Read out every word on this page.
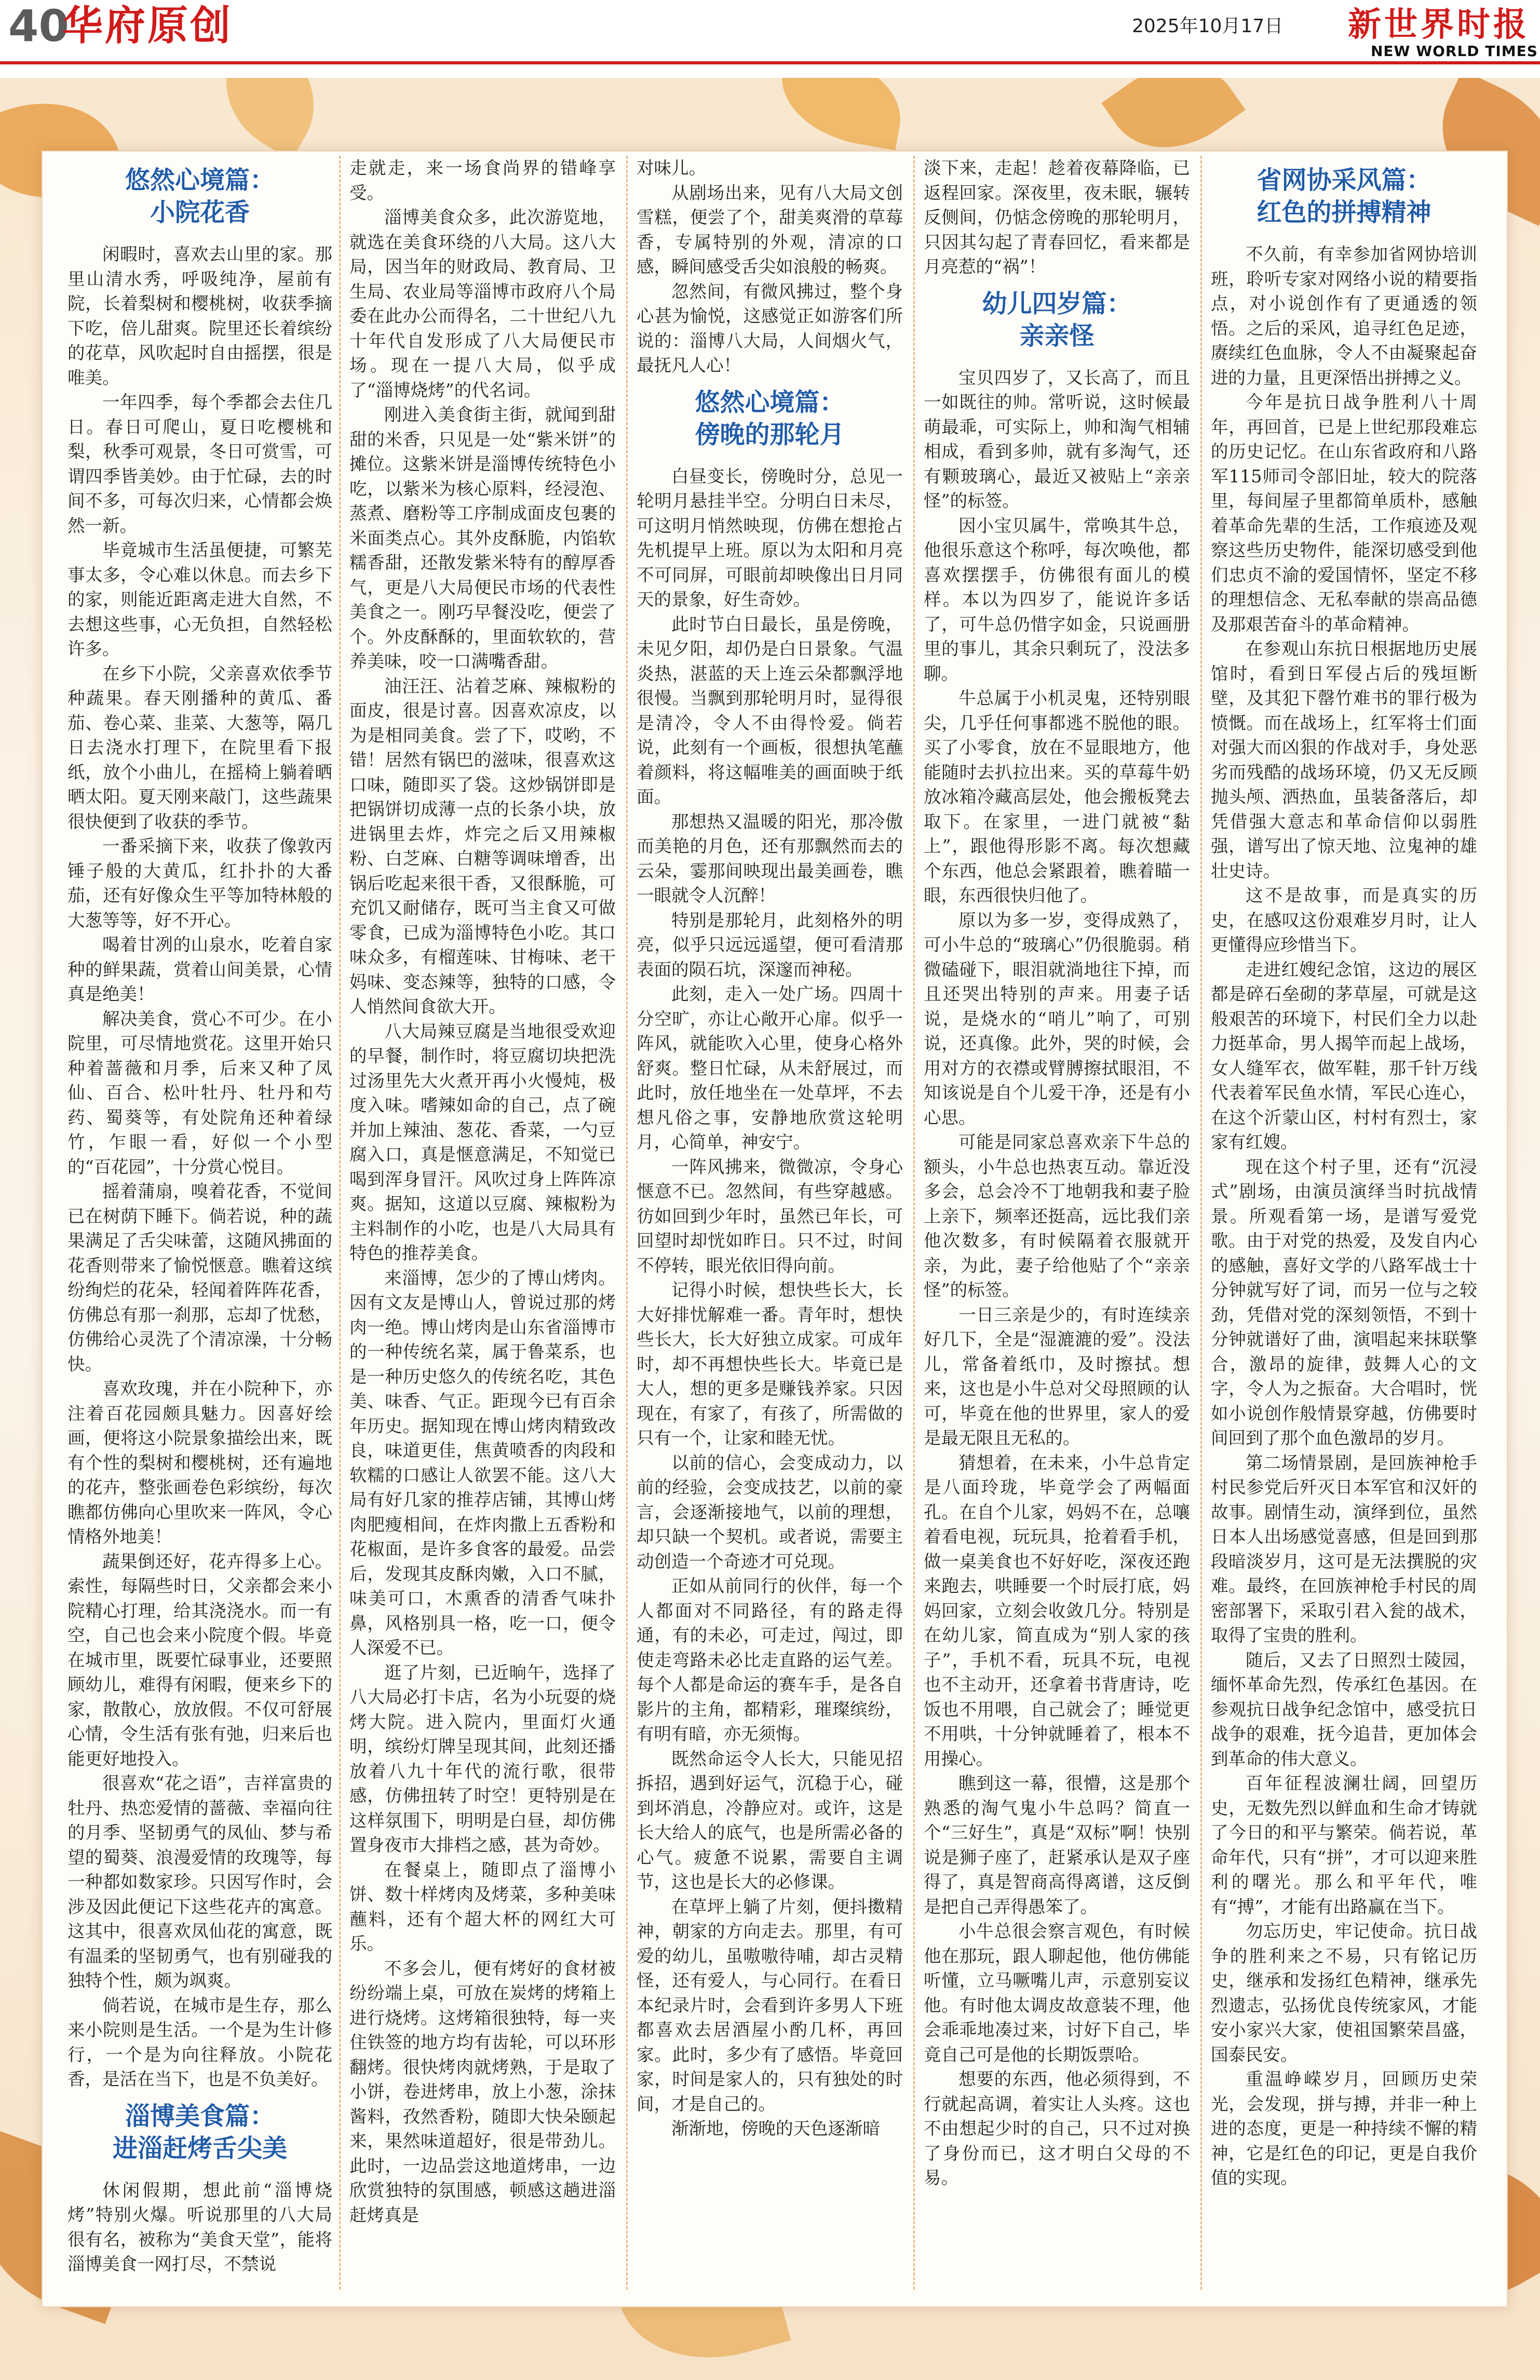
40
华府原创	2025年10月17日 新世界时报
NEW WORLD TIMES
悠然心境篇：
小院花香

闲暇时，喜欢去山里的家。那里山清水秀，呼吸纯净，屋前有院，长着梨树和樱桃树，收获季摘下吃，倍儿甜爽。院里还长着缤纷的花草，风吹起时自由摇摆，很是唯美。

一年四季，每个季都会去住几日。春日可爬山，夏日吃樱桃和梨，秋季可观景，冬日可赏雪，可谓四季皆美妙。由于忙碌，去的时间不多，可每次归来，心情都会焕然一新。

毕竟城市生活虽便捷，可繁芜事太多，令心难以休息。而去乡下的家，则能近距离走进大自然，不去想这些事，心无负担，自然轻松许多。

在乡下小院，父亲喜欢依季节种蔬果。春天刚播种的黄瓜、番茄、卷心菜、韭菜、大葱等，隔几日去浇水打理下，在院里看下报纸，放个小曲儿，在摇椅上躺着晒晒太阳。夏天刚来敲门，这些蔬果很快便到了收获的季节。

一番采摘下来，收获了像敦丙锤子般的大黄瓜，红扑扑的大番茄，还有好像众生平等加特林般的大葱等等，好不开心。

喝着甘冽的山泉水，吃着自家种的鲜果蔬，赏着山间美景，心情真是绝美！

解决美食，赏心不可少。在小院里，可尽情地赏花。这里开始只种着蔷薇和月季，后来又种了凤仙、百合、松叶牡丹、牡丹和芍药、蜀葵等，有处院角还种着绿竹，乍眼一看，好似一个小型的“百花园”，十分赏心悦目。

摇着蒲扇，嗅着花香，不觉间已在树荫下睡下。倘若说，种的蔬果满足了舌尖味蕾，这随风拂面的花香则带来了愉悦惬意。瞧着这缤纷绚烂的花朵，轻闻着阵阵花香，仿佛总有那一刹那，忘却了忧愁，仿佛给心灵洗了个清凉澡，十分畅快。

喜欢玫瑰，并在小院种下，亦注着百花园颇具魅力。因喜好绘画，便将这小院景象描绘出来，既有个性的梨树和樱桃树，还有遍地的花卉，整张画卷色彩缤纷，每次瞧都仿佛向心里吹来一阵风，令心情格外地美！

蔬果倒还好，花卉得多上心。索性，每隔些时日，父亲都会来小院精心打理，给其浇浇水。而一有空，自己也会来小院度个假。毕竟在城市里，既要忙碌事业，还要照顾幼儿，难得有闲暇，便来乡下的家，散散心，放放假。不仅可舒展心情，令生活有张有弛，归来后也能更好地投入。

很喜欢“花之语”，吉祥富贵的牡丹、热恋爱情的蔷薇、幸福向往的月季、坚韧勇气的凤仙、梦与希望的蜀葵、浪漫爱情的玫瑰等，每一种都如数家珍。只因写作时，会涉及因此便记下这些花卉的寓意。这其中，很喜欢凤仙花的寓意，既有温柔的坚韧勇气，也有别碰我的独特个性，颇为飒爽。

倘若说，在城市是生存，那么来小院则是生活。一个是为生计修行，一个是为向往释放。小院花香，是活在当下，也是不负美好。

淄博美食篇：
进淄赶烤舌尖美

休闲假期，想此前“淄博烧烤”特别火爆。听说那里的八大局很有名，被称为“美食天堂”，能将淄博美食一网打尽，不禁说

走就走，来一场食尚界的错峰享受。

淄博美食众多，此次游览地，就选在美食环绕的八大局。这八大局，因当年的财政局、教育局、卫生局、农业局等淄博市政府八个局委在此办公而得名，二十世纪八九十年代自发形成了八大局便民市场。现在一提八大局，似乎成了“淄博烧烤”的代名词。

刚进入美食街主街，就闻到甜甜的米香，只见是一处“紫米饼”的摊位。这紫米饼是淄博传统特色小吃，以紫米为核心原料，经浸泡、蒸煮、磨粉等工序制成面皮包裹的米面类点心。其外皮酥脆，内馅软糯香甜，还散发紫米特有的醇厚香气，更是八大局便民市场的代表性美食之一。刚巧早餐没吃，便尝了个。外皮酥酥的，里面软软的，营养美味，咬一口满嘴香甜。

油汪汪、沾着芝麻、辣椒粉的面皮，很是讨喜。因喜欢凉皮，以为是相同美食。尝了下，哎哟，不错！居然有锅巴的滋味，很喜欢这口味，随即买了袋。这炒锅饼即是把锅饼切成薄一点的长条小块，放进锅里去炸，炸完之后又用辣椒粉、白芝麻、白糖等调味增香，出锅后吃起来很干香，又很酥脆，可充饥又耐储存，既可当主食又可做零食，已成为淄博特色小吃。其口味众多，有榴莲味、甘梅味、老干妈味、变态辣等，独特的口感，令人悄然间食欲大开。

八大局辣豆腐是当地很受欢迎的早餐，制作时，将豆腐切块把洗过汤里先大火煮开再小火慢炖，极度入味。嗜辣如命的自己，点了碗并加上辣油、葱花、香菜，一勺豆腐入口，真是惬意满足，不知觉已喝到浑身冒汗。风吹过身上阵阵凉爽。据知，这道以豆腐、辣椒粉为主料制作的小吃，也是八大局具有特色的推荐美食。

来淄博，怎少的了博山烤肉。因有文友是博山人，曾说过那的烤肉一绝。博山烤肉是山东省淄博市的一种传统名菜，属于鲁菜系，也是一种历史悠久的传统名吃，其色美、味香、气正。距现今已有百余年历史。据知现在博山烤肉精致改良，味道更佳，焦黄喷香的肉段和软糯的口感让人欲罢不能。这八大局有好几家的推荐店铺，其博山烤肉肥瘦相间，在炸肉撒上五香粉和花椒面，是许多食客的最爱。品尝后，发现其皮酥肉嫩，入口不腻，味美可口，木熏香的清香气味扑鼻，风格别具一格，吃一口，便令人深爱不已。

逛了片刻，已近晌午，选择了八大局必打卡店，名为小玩耍的烧烤大院。进入院内，里面灯火通明，缤纷灯牌呈现其间，此刻还播放着八九十年代的流行歌，很带感，仿佛扭转了时空！更特别是在这样氛围下，明明是白昼，却仿佛置身夜市大排档之感，甚为奇妙。

在餐桌上，随即点了淄博小饼、数十样烤肉及烤菜，多种美味蘸料，还有个超大杯的网红大可乐。

不多会儿，便有烤好的食材被纷纷端上桌，可放在炭烤的烤箱上进行烧烤。这烤箱很独特，每一夹住铁签的地方均有齿轮，可以环形翻烤。很快烤肉就烤熟，于是取了小饼，卷进烤串，放上小葱，涂抹酱料，孜然香粉，随即大快朵颐起来，果然味道超好，很是带劲儿。此时，一边品尝这地道烤串，一边欣赏独特的氛围感，顿感这趟进淄赶烤真是

对味儿。

从剧场出来，见有八大局文创雪糕，便尝了个，甜美爽滑的草莓香，专属特别的外观，清凉的口感，瞬间感受舌尖如浪般的畅爽。

忽然间，有微风拂过，整个身心甚为愉悦，这感觉正如游客们所说的：淄博八大局，人间烟火气，最抚凡人心！

悠然心境篇：
傍晚的那轮月

白昼变长，傍晚时分，总见一轮明月悬挂半空。分明白日未尽，可这明月悄然映现，仿佛在想抢占先机提早上班。原以为太阳和月亮不可同屏，可眼前却映像出日月同天的景象，好生奇妙。

此时节白日最长，虽是傍晚，未见夕阳，却仍是白日景象。气温炎热，湛蓝的天上连云朵都飘浮地很慢。当飘到那轮明月时，显得很是清冷，令人不由得怜爱。倘若说，此刻有一个画板，很想执笔蘸着颜料，将这幅唯美的画面映于纸面。

那想热又温暖的阳光，那冷傲而美艳的月色，还有那飘然而去的云朵，霎那间映现出最美画卷，瞧一眼就令人沉醉！

特别是那轮月，此刻格外的明亮，似乎只远远遥望，便可看清那表面的陨石坑，深邃而神秘。

此刻，走入一处广场。四周十分空旷，亦让心敞开心扉。似乎一阵风，就能吹入心里，使身心格外舒爽。整日忙碌，从未舒展过，而此时，放任地坐在一处草坪，不去想凡俗之事，安静地欣赏这轮明月，心简单，神安宁。

一阵风拂来，微微凉，令身心惬意不已。忽然间，有些穿越感。彷如回到少年时，虽然已年长，可回望时却恍如昨日。只不过，时间不停转，眼光依旧得向前。

记得小时候，想快些长大，长大好排忧解难一番。青年时，想快些长大，长大好独立成家。可成年时，却不再想快些长大。毕竟已是大人，想的更多是赚钱养家。只因现在，有家了，有孩了，所需做的只有一个，让家和睦无忧。

以前的信心，会变成动力，以前的经验，会变成技艺，以前的豪言，会逐渐接地气，以前的理想，却只缺一个契机。或者说，需要主动创造一个奇迹才可兑现。

正如从前同行的伙伴，每一个人都面对不同路径，有的路走得通，有的未必，可走过，闯过，即使走弯路未必比走直路的运气差。每个人都是命运的赛车手，是各自影片的主角，都精彩，璀璨缤纷，有明有暗，亦无须悔。

既然命运令人长大，只能见招拆招，遇到好运气，沉稳于心，碰到坏消息，冷静应对。或许，这是长大给人的底气，也是所需必备的心气。疲惫不说累，需要自主调节，这也是长大的必修课。

在草坪上躺了片刻，便抖擞精神，朝家的方向走去。那里，有可爱的幼儿，虽嗷嗷待哺，却古灵精怪，还有爱人，与心同行。在看日本纪录片时，会看到许多男人下班都喜欢去居酒屋小酌几杯，再回家。此时，多少有了感悟。毕竟回家，时间是家人的，只有独处的时间，才是自己的。

渐渐地，傍晚的天色逐渐暗

淡下来，走起！趁着夜幕降临，已返程回家。深夜里，夜未眠，辗转反侧间，仍惦念傍晚的那轮明月，只因其勾起了青春回忆，看来都是月亮惹的“祸”！

幼儿四岁篇：
亲亲怪

宝贝四岁了，又长高了，而且一如既往的帅。常听说，这时候最萌最乖，可实际上，帅和淘气相辅相成，看到多帅，就有多淘气，还有颗玻璃心，最近又被贴上“亲亲怪”的标签。

因小宝贝属牛，常唤其牛总，他很乐意这个称呼，每次唤他，都喜欢摆摆手，仿佛很有面儿的模样。本以为四岁了，能说许多话了，可牛总仍惜字如金，只说画册里的事儿，其余只剩玩了，没法多聊。

牛总属于小机灵鬼，还特别眼尖，几乎任何事都逃不脱他的眼。买了小零食，放在不显眼地方，他能随时去扒拉出来。买的草莓牛奶放冰箱冷藏高层处，他会搬板凳去取下。在家里，一进门就被“黏上”，跟他得形影不离。每次想藏个东西，他总会紧跟着，瞧着瞄一眼，东西很快归他了。

原以为多一岁，变得成熟了，可小牛总的“玻璃心”仍很脆弱。稍微磕碰下，眼泪就淌地往下掉，而且还哭出特别的声来。用妻子话说，是烧水的“哨儿”响了，可别说，还真像。此外，哭的时候，会用对方的衣襟或臂膊擦拭眼泪，不知该说是自个儿爱干净，还是有小心思。

可能是同家总喜欢亲下牛总的额头，小牛总也热衷互动。靠近没多会，总会冷不丁地朝我和妻子脸上亲下，频率还挺高，远比我们亲他次数多，有时候隔着衣服就开亲，为此，妻子给他贴了个“亲亲怪”的标签。

一日三亲是少的，有时连续亲好几下，全是“湿漉漉的爱”。没法儿，常备着纸巾，及时擦拭。想来，这也是小牛总对父母照顾的认可，毕竟在他的世界里，家人的爱是最无限且无私的。

猜想着，在未来，小牛总肯定是八面玲珑，毕竟学会了两幅面孔。在自个儿家，妈妈不在，总嚷着看电视，玩玩具，抢着看手机，做一桌美食也不好好吃，深夜还跑来跑去，哄睡要一个时辰打底，妈妈回家，立刻会收敛几分。特别是在幼儿家，简直成为“别人家的孩子”，手机不看，玩具不玩，电视也不主动开，还拿着书背唐诗，吃饭也不用喂，自己就会了；睡觉更不用哄，十分钟就睡着了，根本不用操心。

瞧到这一幕，很懵，这是那个熟悉的淘气鬼小牛总吗？简直一个“三好生”，真是“双标”啊！快别说是狮子座了，赶紧承认是双子座得了，真是智商高得离谱，这反倒是把自己弄得愚笨了。

小牛总很会察言观色，有时候他在那玩，跟人聊起他，他仿佛能听懂，立马噘嘴儿声，示意别妄议他。有时他太调皮故意装不理，他会乖乖地凑过来，讨好下自己，毕竟自己可是他的长期饭票哈。

想要的东西，他必须得到，不行就起高调，着实让人头疼。这也不由想起少时的自己，只不过对换了身份而已，这才明白父母的不易。

省网协采风篇：
红色的拼搏精神

不久前，有幸参加省网协培训班，聆听专家对网络小说的精要指点，对小说创作有了更通透的领悟。之后的采风，追寻红色足迹，赓续红色血脉，令人不由凝聚起奋进的力量，且更深悟出拼搏之义。

今年是抗日战争胜利八十周年，再回首，已是上世纪那段难忘的历史记忆。在山东省政府和八路军115师司令部旧址，较大的院落里，每间屋子里都简单质朴，感触着革命先辈的生活，工作痕迹及观察这些历史物件，能深切感受到他们忠贞不渝的爱国情怀，坚定不移的理想信念、无私奉献的崇高品德及那艰苦奋斗的革命精神。

在参观山东抗日根据地历史展馆时，看到日军侵占后的残垣断壁，及其犯下罄竹难书的罪行极为愤慨。而在战场上，红军将士们面对强大而凶狠的作战对手，身处恶劣而残酷的战场环境，仍又无反顾抛头颅、洒热血，虽装备落后，却凭借强大意志和革命信仰以弱胜强，谱写出了惊天地、泣鬼神的雄壮史诗。

这不是故事，而是真实的历史，在感叹这份艰难岁月时，让人更懂得应珍惜当下。

走进红嫂纪念馆，这边的展区都是碎石垒砌的茅草屋，可就是这般艰苦的环境下，村民们全力以赴力挺革命，男人揭竿而起上战场，女人缝军衣，做军鞋，那千针万线代表着军民鱼水情，军民心连心，在这个沂蒙山区，村村有烈士，家家有红嫂。

现在这个村子里，还有“沉浸式”剧场，由演员演绎当时抗战情景。所观看第一场，是谱写爱党歌。由于对党的热爱，及发自内心的感触，喜好文学的八路军战士十分钟就写好了词，而另一位与之较劲，凭借对党的深刻领悟，不到十分钟就谱好了曲，演唱起来抹联擎合，激昂的旋律，鼓舞人心的文字，令人为之振奋。大合唱时，恍如小说创作般情景穿越，仿佛要时间回到了那个血色激昂的岁月。

第二场情景剧，是回族神枪手村民参党后歼灭日本军官和汉奸的故事。剧情生动，演绎到位，虽然日本人出场感觉喜感，但是回到那段暗淡岁月，这可是无法撰脱的灾难。最终，在回族神枪手村民的周密部署下，采取引君入瓮的战术，取得了宝贵的胜利。

随后，又去了日照烈士陵园，缅怀革命先烈，传承红色基因。在参观抗日战争纪念馆中，感受抗日战争的艰难，抚今追昔，更加体会到革命的伟大意义。

百年征程波澜壮阔，回望历史，无数先烈以鲜血和生命才铸就了今日的和平与繁荣。倘若说，革命年代，只有“拼”，才可以迎来胜利的曙光。那么和平年代，唯有“搏”，才能有出路赢在当下。

勿忘历史，牢记使命。抗日战争的胜利来之不易，只有铭记历史，继承和发扬红色精神，继承先烈遗志，弘扬优良传统家风，才能安小家兴大家，使祖国繁荣昌盛，国泰民安。

重温峥嵘岁月，回顾历史荣光，会发现，拼与搏，并非一种上进的态度，更是一种持续不懈的精神，它是红色的印记，更是自我价值的实现。
